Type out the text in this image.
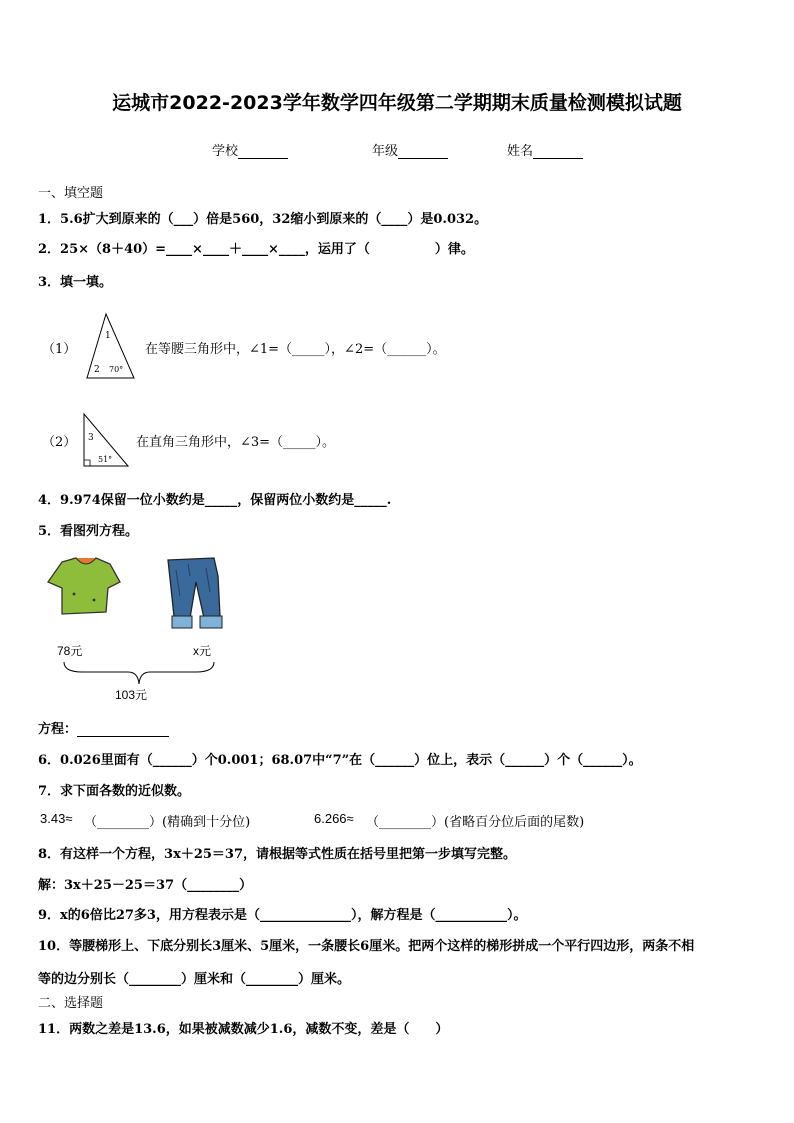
运城市2022-2023学年数学四年级第二学期期末质量检测模拟试题
学校	年级	姓名
一、填空题
1．5.6扩大到原来的（___）倍是560，32缩小到原来的（____）是0.032。
2．25×（8＋40）=____×____＋____×____，运用了（　　　　　）律。
3．填一填。
（1）
1
2 70°
在等腰三角形中，∠1=（_____），∠2=（______）。
（2） 3
51°
在直角三角形中，∠3=（_____）。
4．9.974保留一位小数约是_____，保留两位小数约是_____.
5．看图列方程。
78元	x元
103元
方程：
6．0.026里面有（______）个0.001；68.07中“7”在（______）位上，表示（______）个（______）。
7．求下面各数的近似数。
3.43≈ （________）(精确到十分位)	6.266≈ （________）(省略百分位后面的尾数)
8．有这样一个方程，3x＋25＝37，请根据等式性质在括号里把第一步填写完整。
解：3x＋25－25＝37（________）
9．x的6倍比27多3，用方程表示是（______________），解方程是（___________）。
10．等腰梯形上、下底分别长3厘米、5厘米，一条腰长6厘米。把两个这样的梯形拼成一个平行四边形，两条不相
等的边分别长（________）厘米和（________）厘米。
二、选择题
11．两数之差是13.6，如果被减数减少1.6，减数不变，差是（　　）
